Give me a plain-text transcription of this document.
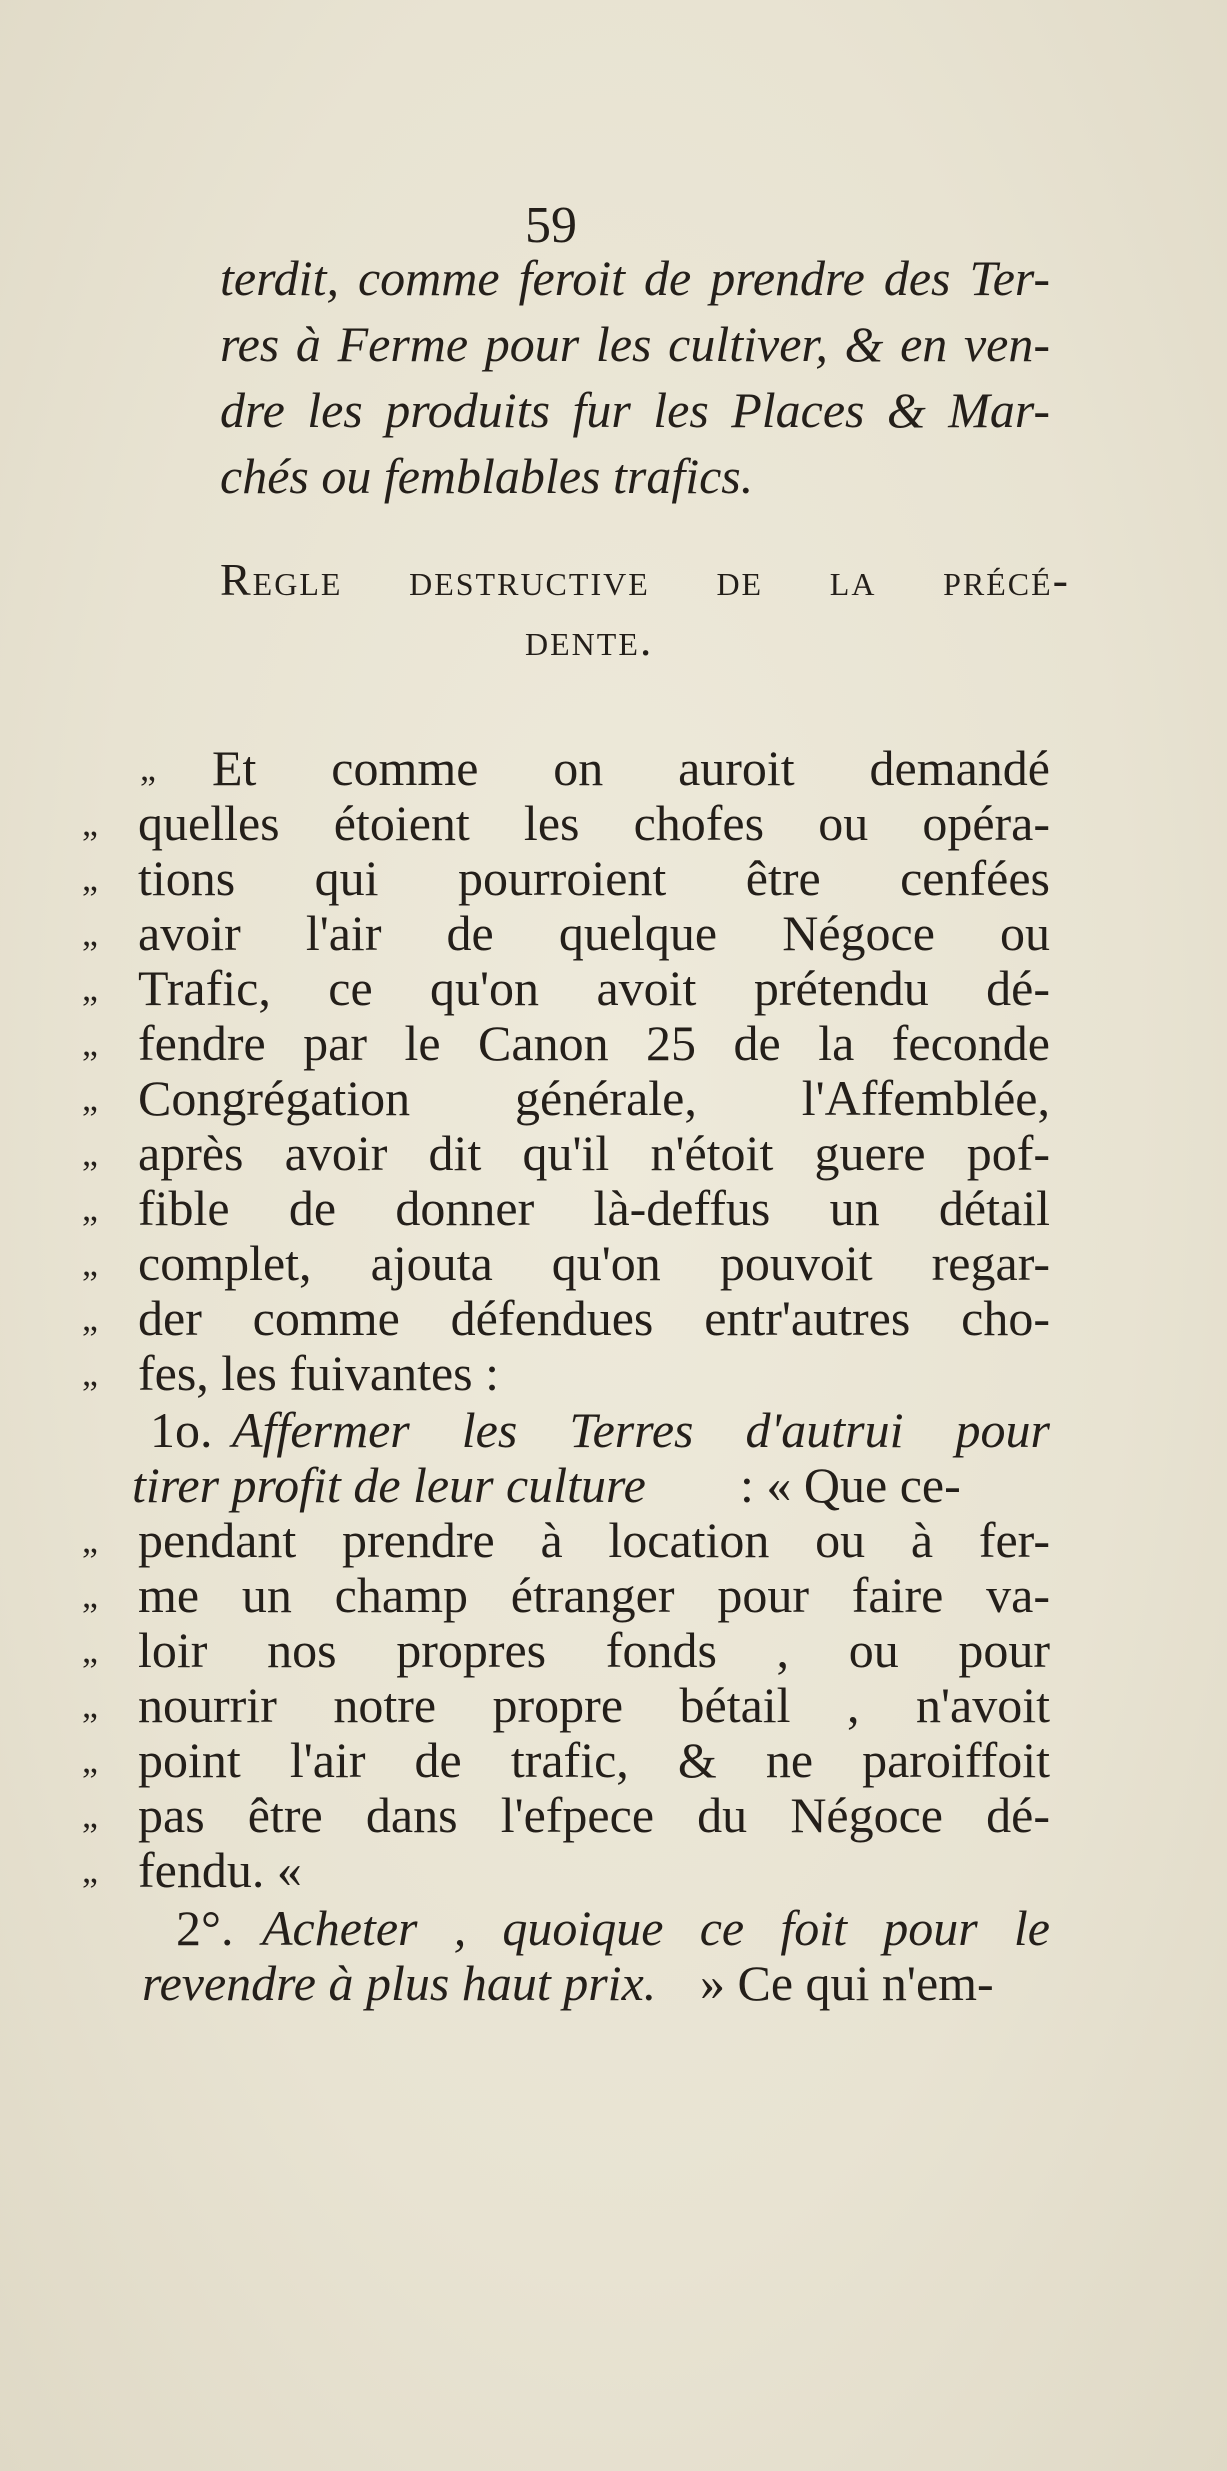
59
terdit, comme feroit de prendre des Ter-
res à Ferme pour les cultiver, & en ven-
dre les produits fur les Places & Mar-
chés ou femblables trafics.
Regle destructive de la précé-
dente.
„ Et comme on auroit demandé
„ quelles étoient les chofes ou opéra-
„ tions qui pourroient être cenfées
„ avoir l'air de quelque Négoce ou
„ Trafic, ce qu'on avoit prétendu dé-
„ fendre par le Canon 25 de la feconde
„ Congrégation générale, l'Affemblée,
„ après avoir dit qu'il n'étoit guere pof-
„ fible de donner là-deffus un détail
„ complet, ajouta qu'on pouvoit regar-
„ der comme défendues entr'autres cho-
„ fes, les fuivantes :
1o. Affermer les Terres d'autrui pour
tirer profit de leur culture : « Que ce-
„ pendant prendre à location ou à fer-
„ me un champ étranger pour faire va-
„ loir nos propres fonds , ou pour
„ nourrir notre propre bétail , n'avoit
„ point l'air de trafic, & ne paroiffoit
„ pas être dans l'efpece du Négoce dé-
„ fendu. «
2°. Acheter , quoique ce foit pour le
revendre à plus haut prix. » Ce qui n'em-
